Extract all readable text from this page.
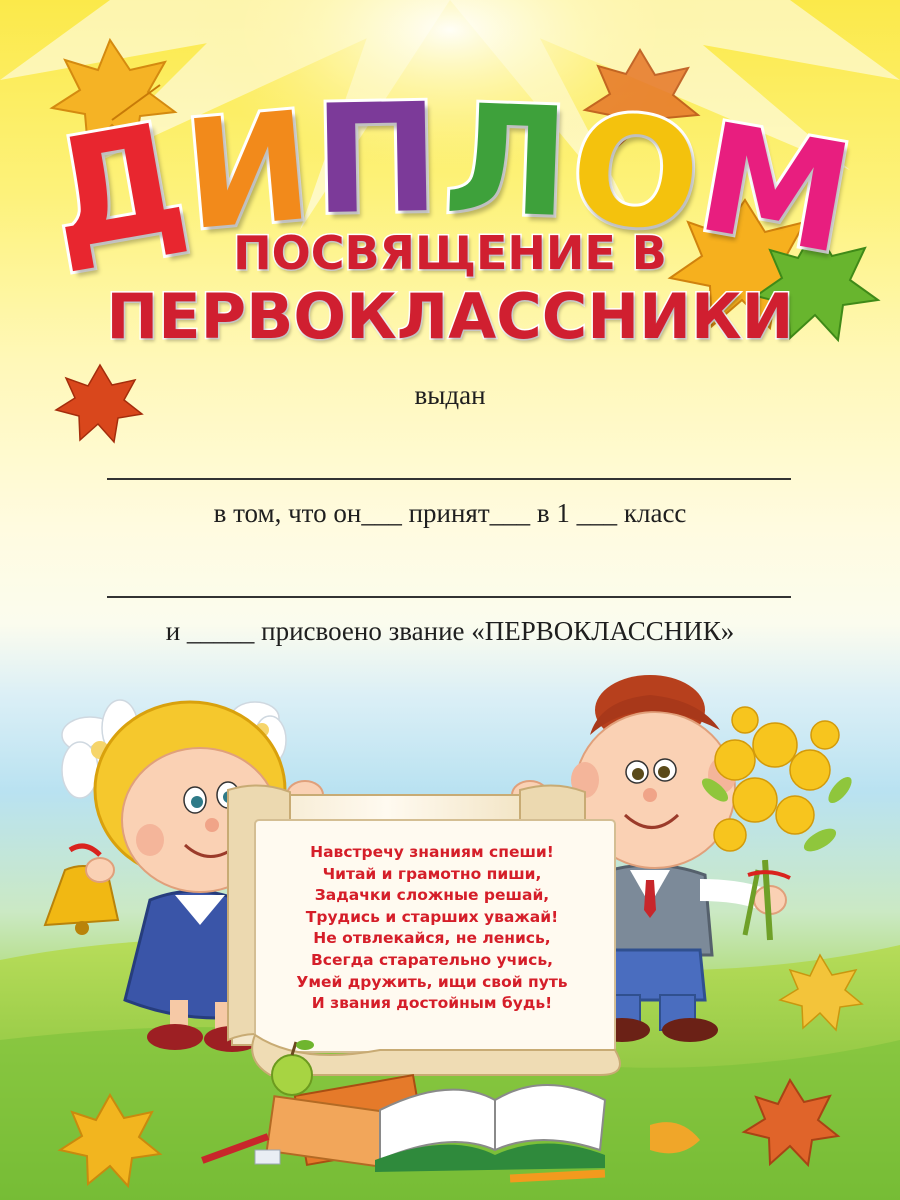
Д
И
П Л
О
М
ПОСВЯЩЕНИЕ В
ПЕРВОКЛАССНИКИ
выдан
в том, что он___ принят___ в 1 ___ класс
и _____ присвоено звание «ПЕРВОКЛАССНИК»
Навстречу знаниям спеши!
Читай и грамотно пиши,
Задачки сложные решай,
Трудись и старших уважай!
Не отвлекайся, не ленись,
Всегда старательно учись,
Умей дружить, ищи свой путь
И звания достойным будь!
